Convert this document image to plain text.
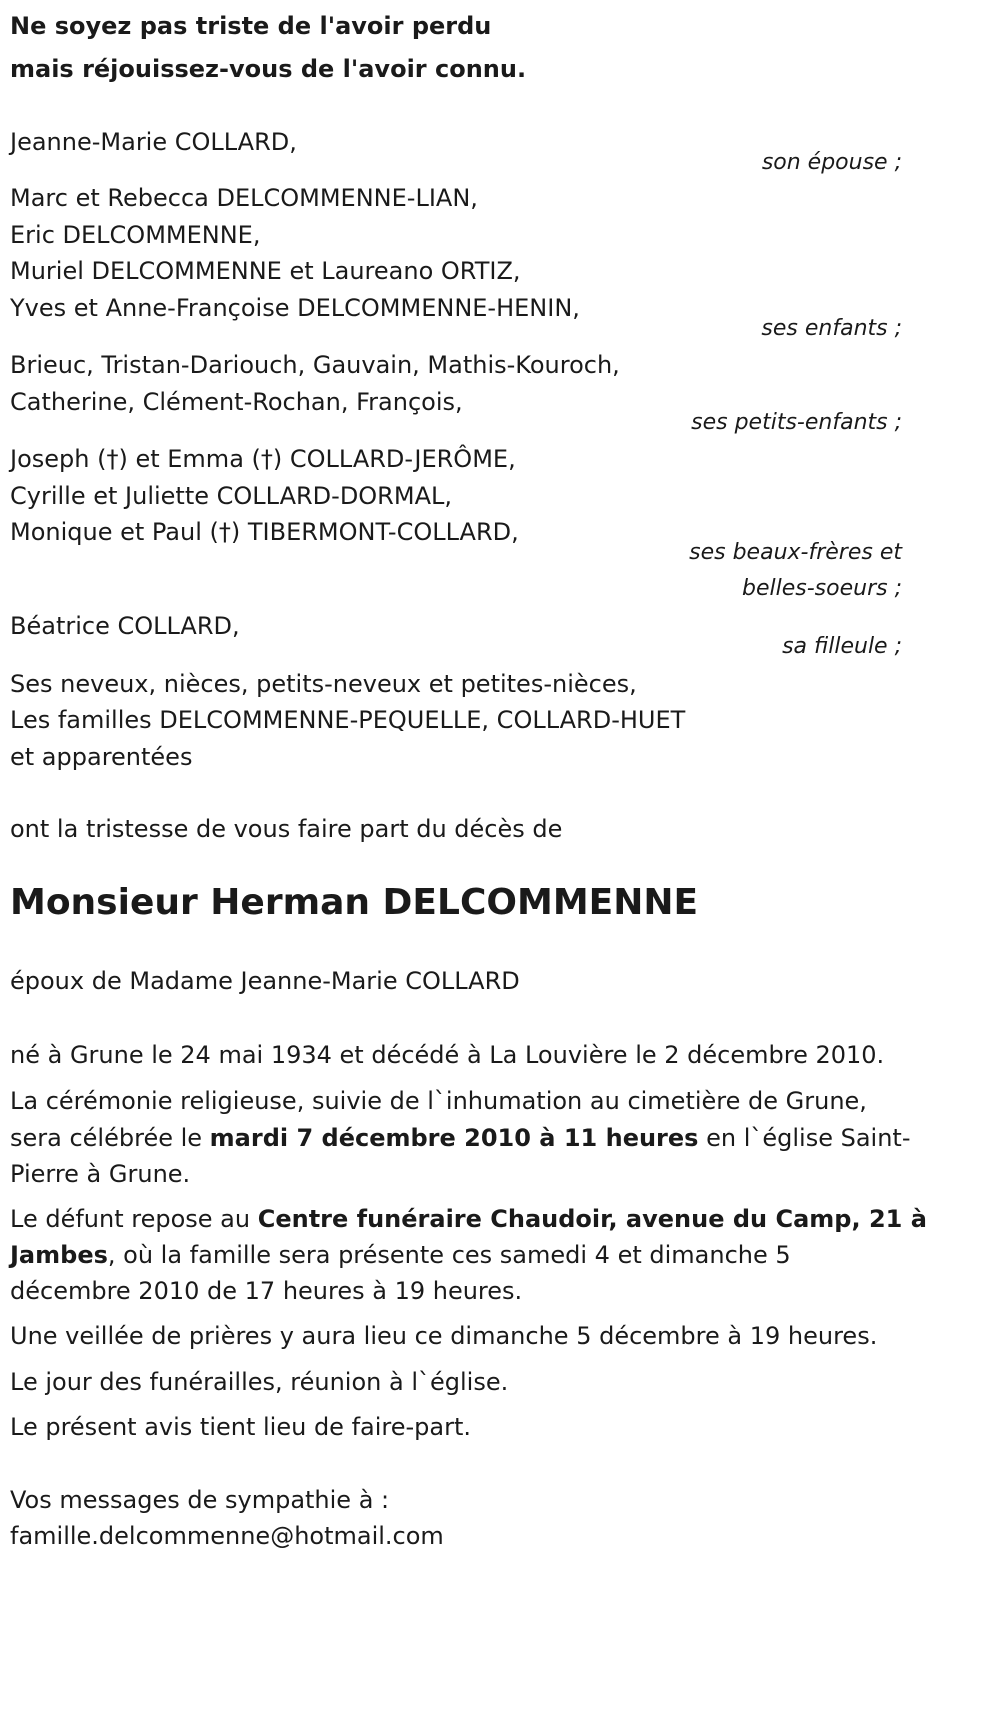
Ne soyez pas triste de l'avoir perdu
mais réjouissez-vous de l'avoir connu.
Jeanne-Marie COLLARD,
son épouse ;
Marc et Rebecca DELCOMMENNE-LIAN,
Eric DELCOMMENNE,
Muriel DELCOMMENNE et Laureano ORTIZ,
Yves et Anne-Françoise DELCOMMENNE-HENIN,
ses enfants ;
Brieuc, Tristan-Dariouch, Gauvain, Mathis-Kouroch,
Catherine, Clément-Rochan, François,
ses petits-enfants ;
Joseph (†) et Emma (†) COLLARD-JERÔME,
Cyrille et Juliette COLLARD-DORMAL,
Monique et Paul (†) TIBERMONT-COLLARD,
ses beaux-frères et
belles-soeurs ;
Béatrice COLLARD,
sa filleule ;
Ses neveux, nièces, petits-neveux et petites-nièces,
Les familles DELCOMMENNE-PEQUELLE, COLLARD-HUET
et apparentées
ont la tristesse de vous faire part du décès de
Monsieur Herman DELCOMMENNE
époux de Madame Jeanne-Marie COLLARD
né à Grune le 24 mai 1934 et décédé à La Louvière le 2 décembre 2010.
La cérémonie religieuse, suivie de l`inhumation au cimetière de Grune,
sera célébrée le mardi 7 décembre 2010 à 11 heures en l`église Saint-
Pierre à Grune.
Le défunt repose au Centre funéraire Chaudoir, avenue du Camp, 21 à
Jambes, où la famille sera présente ces samedi 4 et dimanche 5
décembre 2010 de 17 heures à 19 heures.
Une veillée de prières y aura lieu ce dimanche 5 décembre à 19 heures.
Le jour des funérailles, réunion à l`église.
Le présent avis tient lieu de faire-part.
Vos messages de sympathie à :
famille.delcommenne@hotmail.com
